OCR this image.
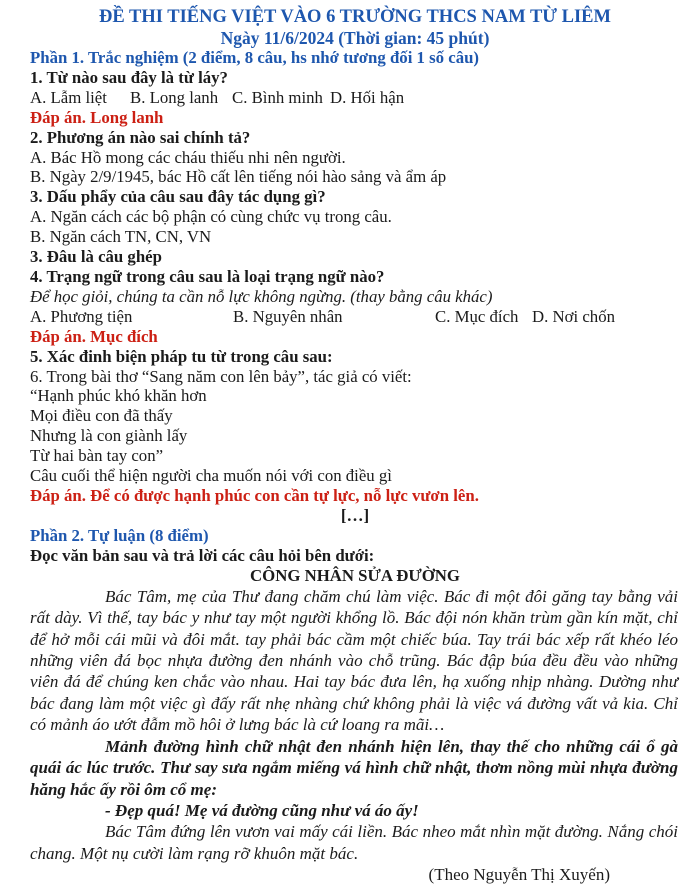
ĐỀ THI TIẾNG VIỆT VÀO 6 TRƯỜNG THCS NAM TỪ LIÊM
Ngày 11/6/2024 (Thời gian: 45 phút)
Phần 1. Trắc nghiệm (2 điểm, 8 câu, hs nhớ tương đối 1 số câu)
1. Từ nào sau đây là từ láy?
A. Lẫm liệt B. Long lanh C. Bình minh D. Hối hận
Đáp án. Long lanh
2. Phương án nào sai chính tả?
A. Bác Hồ mong các cháu thiếu nhi nên người.
B. Ngày 2/9/1945, bác Hồ cất lên tiếng nói hào sảng và ẩm áp
3. Dấu phẩy của câu sau đây tác dụng gì?
A. Ngăn cách các bộ phận có cùng chức vụ trong câu.
B. Ngăn cách TN, CN, VN
3. Đâu là câu ghép
4. Trạng ngữ trong câu sau là loại trạng ngữ nào?
Để học giỏi, chúng ta cần nỗ lực không ngừng. (thay bằng câu khác)
A. Phương tiện	B. Nguyên nhân	C. Mục đích D. Nơi chốn
Đáp án. Mục đích
5. Xác đinh biện pháp tu từ trong câu sau:
6. Trong bài thơ “Sang năm con lên bảy”, tác giả có viết:
“Hạnh phúc khó khăn hơn
Mọi điều con đã thấy
Nhưng là con giành lấy
Từ hai bàn tay con”
Câu cuối thể hiện người cha muốn nói với con điều gì
Đáp án. Để có được hạnh phúc con cần tự lực, nỗ lực vươn lên.
[…]
Phần 2. Tự luận (8 điểm)
Đọc văn bản sau và trả lời các câu hỏi bên dưới:
CÔNG NHÂN SỬA ĐƯỜNG

Bác Tâm, mẹ của Thư đang chăm chú làm việc. Bác đi một đôi găng tay bằng vải rất dày. Vì thế, tay bác y như tay một người khổng lồ. Bác đội nón khăn trùm gần kín mặt, chỉ để hở mỗi cái mũi và đôi mắt. tay phải bác cầm một chiếc búa. Tay trái bác xếp rất khéo léo những viên đá bọc nhựa đường đen nhánh vào chỗ trũng. Bác đập búa đều đều vào những viên đá để chúng ken chắc vào nhau. Hai tay bác đưa lên, hạ xuống nhịp nhàng. Dường như bác đang làm một việc gì đấy rất nhẹ nhàng chứ không phải là việc vá đường vất vả kia. Chỉ có mảnh áo ướt đẫm mồ hôi ở lưng bác là cứ loang ra mãi…

Mảnh đường hình chữ nhật đen nhánh hiện lên, thay thế cho những cái ổ gà quái ác lúc trước. Thư say sưa ngắm miếng vá hình chữ nhật, thơm nồng mùi nhựa đường hăng hắc ấy rồi ôm cổ mẹ:

- Đẹp quá! Mẹ vá đường cũng như vá áo ấy!

Bác Tâm đứng lên vươn vai mấy cái liền. Bác nheo mắt nhìn mặt đường. Nắng chói chang. Một nụ cười làm rạng rỡ khuôn mặt bác.

(Theo Nguyễn Thị Xuyến)
